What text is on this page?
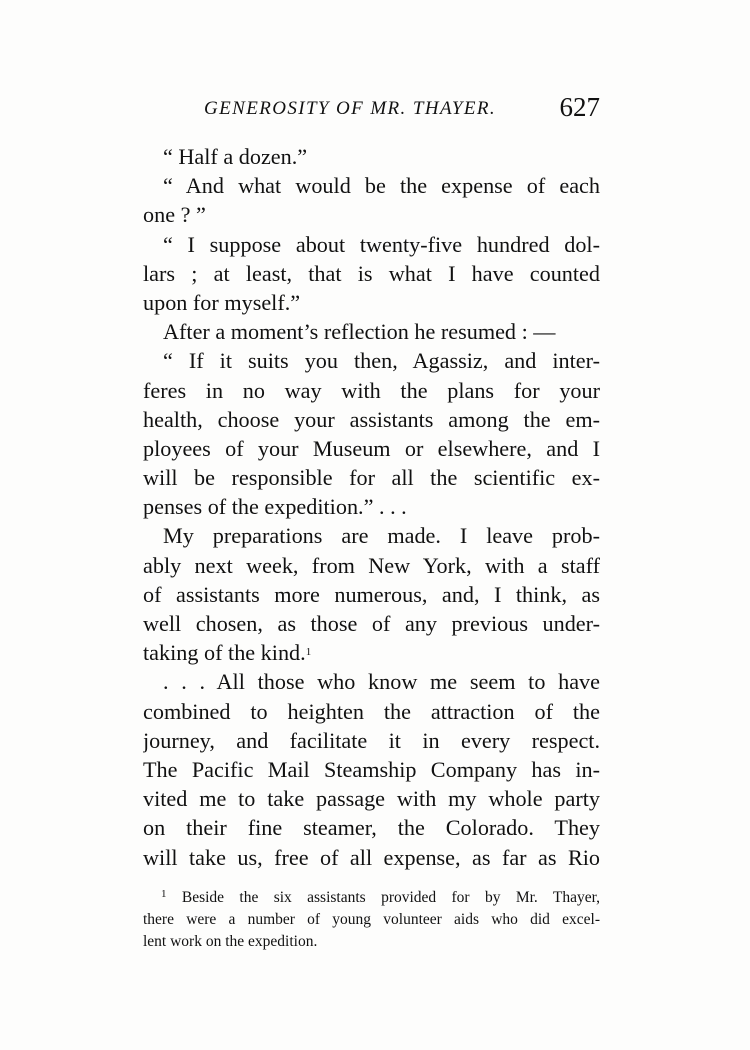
GENEROSITY OF MR. THAYER. 627
“ Half a dozen.”
“ And what would be the expense of each
one ? ”
“ I suppose about twenty-five hundred dol-
lars ; at least, that is what I have counted
upon for myself.”
After a moment’s reflection he resumed : —
“ If it suits you then, Agassiz, and inter-
feres in no way with the plans for your
health, choose your assistants among the em-
ployees of your Museum or elsewhere, and I
will be responsible for all the scientific ex-
penses of the expedition.” . . .
My preparations are made. I leave prob-
ably next week, from New York, with a staff
of assistants more numerous, and, I think, as
well chosen, as those of any previous under-
taking of the kind.$^1$
. . . All those who know me seem to have
combined to heighten the attraction of the
journey, and facilitate it in every respect.
The Pacific Mail Steamship Company has in-
vited me to take passage with my whole party
on their fine steamer, the Colorado. They
will take us, free of all expense, as far as Rio
$^1$ Beside the six assistants provided for by Mr. Thayer,
there were a number of young volunteer aids who did excel-
lent work on the expedition.
